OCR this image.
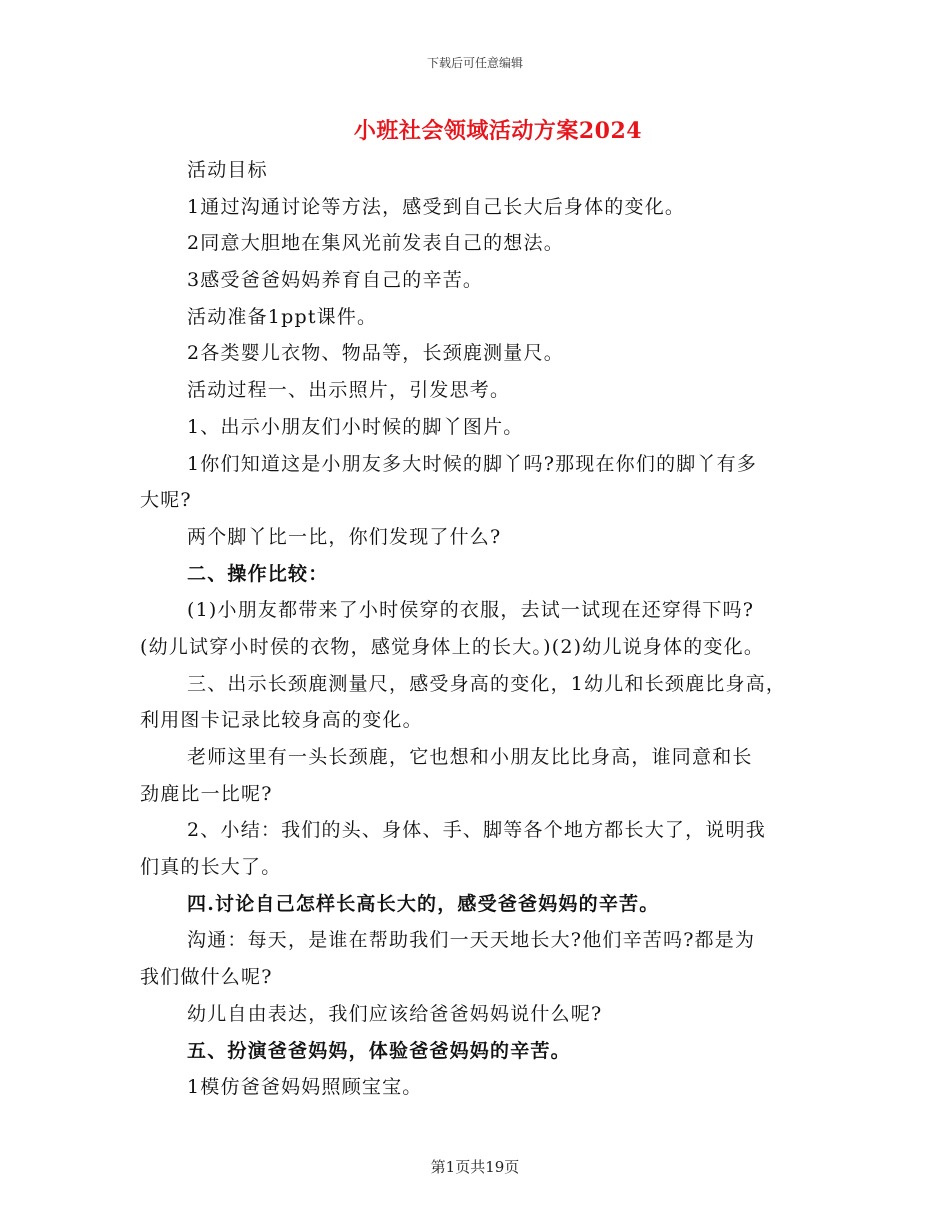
下载后可任意编辑
小班社会领域活动方案2024
活动目标
1通过沟通讨论等方法，感受到自己长大后身体的变化。
2同意大胆地在集风光前发表自己的想法。
3感受爸爸妈妈养育自己的辛苦。
活动准备1ppt课件。
2各类婴儿衣物、物品等，长颈鹿测量尺。
活动过程一、出示照片，引发思考。
1、出示小朋友们小时候的脚丫图片。
1你们知道这是小朋友多大时候的脚丫吗?那现在你们的脚丫有多
大呢?
两个脚丫比一比，你们发现了什么?
二、操作比较：
(1)小朋友都带来了小时侯穿的衣服，去试一试现在还穿得下吗?
(幼儿试穿小时侯的衣物，感觉身体上的长大。)(2)幼儿说身体的变化。
三、出示长颈鹿测量尺，感受身高的变化，1幼儿和长颈鹿比身高，
利用图卡记录比较身高的变化。
老师这里有一头长颈鹿，它也想和小朋友比比身高，谁同意和长
劲鹿比一比呢?
2、小结：我们的头、身体、手、脚等各个地方都长大了，说明我
们真的长大了。
四.讨论自己怎样长高长大的，感受爸爸妈妈的辛苦。
沟通：每天，是谁在帮助我们一天天地长大?他们辛苦吗?都是为
我们做什么呢?
幼儿自由表达，我们应该给爸爸妈妈说什么呢?
五、扮演爸爸妈妈，体验爸爸妈妈的辛苦。
1模仿爸爸妈妈照顾宝宝。
第1页共19页
